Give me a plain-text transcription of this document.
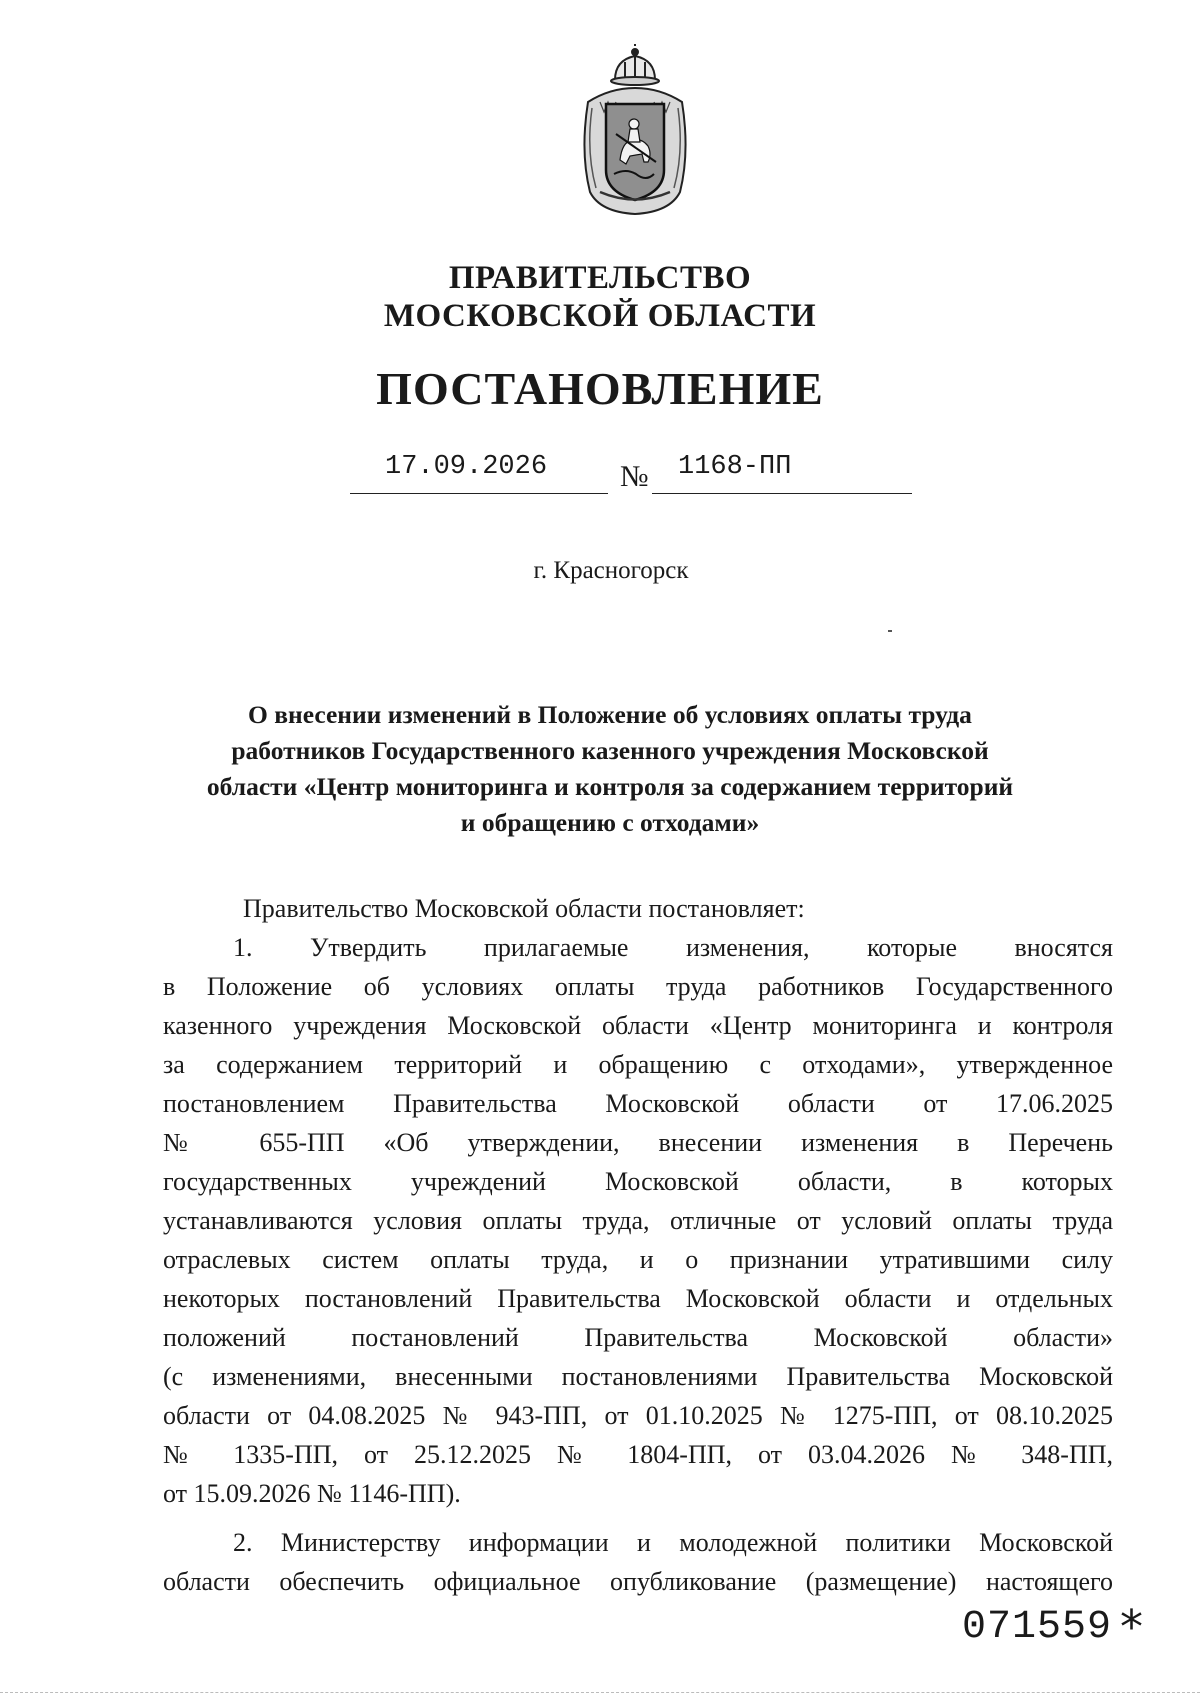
ПРАВИТЕЛЬСТВО
МОСКОВСКОЙ ОБЛАСТИ
ПОСТАНОВЛЕНИЕ
17.09.2026 № 1168-ПП
г. Красногорск
О внесении изменений в Положение об условиях оплаты труда
работников Государственного казенного учреждения Московской
области «Центр мониторинга и контроля за содержанием территорий
и обращению с отходами»
Правительство Московской области постановляет:
1. Утвердить прилагаемые изменения, которые вносятся
в Положение об условиях оплаты труда работников Государственного
казенного учреждения Московской области «Центр мониторинга и контроля
за содержанием территорий и обращению с отходами», утвержденное
постановлением Правительства Московской области от 17.06.2025
№ 655-ПП «Об утверждении, внесении изменения в Перечень
государственных учреждений Московской области, в которых
устанавливаются условия оплаты труда, отличные от условий оплаты труда
отраслевых систем оплаты труда, и о признании утратившими силу
некоторых постановлений Правительства Московской области и отдельных
положений постановлений Правительства Московской области»
(с изменениями, внесенными постановлениями Правительства Московской
области от 04.08.2025 № 943-ПП, от 01.10.2025 № 1275-ПП, от 08.10.2025
№ 1335-ПП, от 25.12.2025 № 1804-ПП, от 03.04.2026 № 348-ПП,
от 15.09.2026 № 1146-ПП).
2. Министерству информации и молодежной политики Московской
области обеспечить официальное опубликование (размещение) настоящего
071559 *
